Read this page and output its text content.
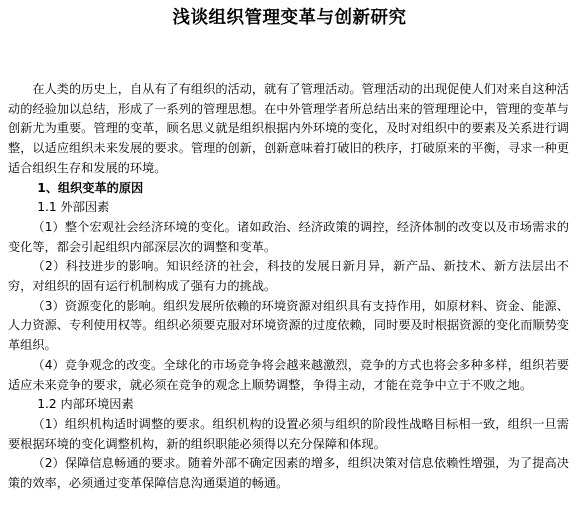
浅谈组织管理变革与创新研究

在人类的历史上，自从有了有组织的活动，就有了管理活动。管理活动的出现促使人们对来自这种活动的经验加以总结，形成了一系列的管理思想。在中外管理学者所总结出来的管理理论中，管理的变革与创新尤为重要。管理的变革，顾名思义就是组织根据内外环境的变化，及时对组织中的要素及关系进行调整，以适应组织未来发展的要求。管理的创新，创新意味着打破旧的秩序，打破原来的平衡，寻求一种更适合组织生存和发展的环境。

1、组织变革的原因

1.1 外部因素

（1）整个宏观社会经济环境的变化。诸如政治、经济政策的调控，经济体制的改变以及市场需求的变化等，都会引起组织内部深层次的调整和变革。

（2）科技进步的影响。知识经济的社会，科技的发展日新月异，新产品、新技术、新方法层出不穷，对组织的固有运行机制构成了强有力的挑战。

（3）资源变化的影响。组织发展所依赖的环境资源对组织具有支持作用，如原材料、资金、能源、人力资源、专利使用权等。组织必须要克服对环境资源的过度依赖，同时要及时根据资源的变化而顺势变革组织。

（4）竞争观念的改变。全球化的市场竞争将会越来越激烈，竞争的方式也将会多种多样，组织若要适应未来竞争的要求，就必须在竞争的观念上顺势调整，争得主动，才能在竞争中立于不败之地。

1.2 内部环境因素

（1）组织机构适时调整的要求。组织机构的设置必须与组织的阶段性战略目标相一致，组织一旦需要根据环境的变化调整机构，新的组织职能必须得以充分保障和体现。

（2）保障信息畅通的要求。随着外部不确定因素的增多，组织决策对信息依赖性增强，为了提高决策的效率，必须通过变革保障信息沟通渠道的畅通。
